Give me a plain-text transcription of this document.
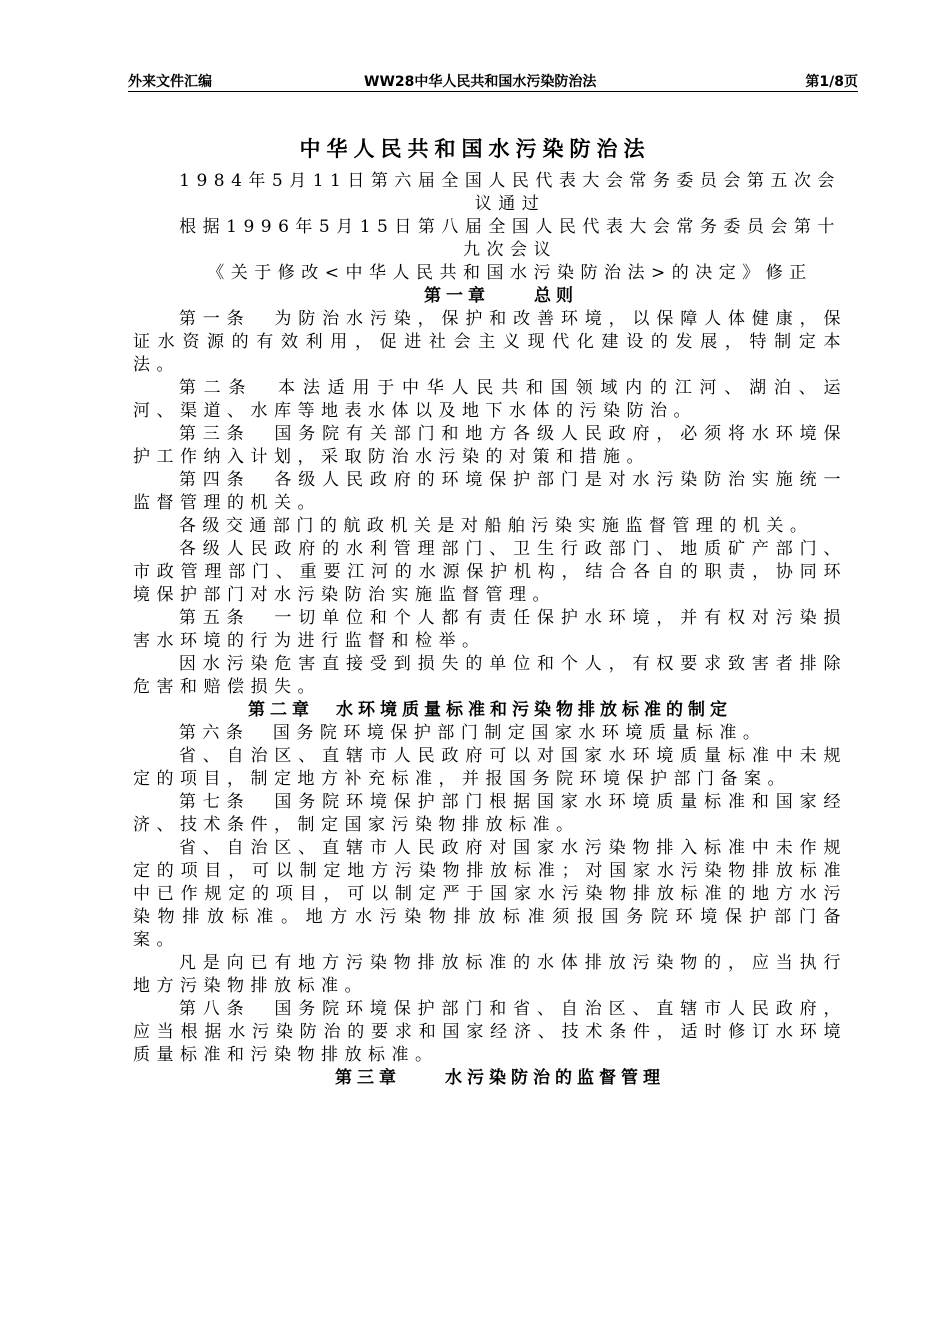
外来文件汇编	WW28中华人民共和国水污染防治法	第1/8页
中华人民共和国水污染防治法
1984年5月11日第六届全国人民代表大会常务委员会第五次会议通过
根据1996年5月15日第八届全国人民代表大会常务委员会第十九次会议
《关于修改<中华人民共和国水污染防治法>的决定》修正
第一章　　总则

第一条　为防治水污染，保护和改善环境，以保障人体健康，保证水资源的有效利用，促进社会主义现代化建设的发展，特制定本法。

第二条　本法适用于中华人民共和国领域内的江河、湖泊、运河、渠道、水库等地表水体以及地下水体的污染防治。

第三条　国务院有关部门和地方各级人民政府，必须将水环境保护工作纳入计划，采取防治水污染的对策和措施。

第四条　各级人民政府的环境保护部门是对水污染防治实施统一监督管理的机关。

各级交通部门的航政机关是对船舶污染实施监督管理的机关。

各级人民政府的水利管理部门、卫生行政部门、地质矿产部门、市政管理部门、重要江河的水源保护机构，结合各自的职责，协同环境保护部门对水污染防治实施监督管理。

第五条　一切单位和个人都有责任保护水环境，并有权对污染损害水环境的行为进行监督和检举。

因水污染危害直接受到损失的单位和个人，有权要求致害者排除危害和赔偿损失。

第二章　水环境质量标准和污染物排放标准的制定

第六条　国务院环境保护部门制定国家水环境质量标准。

省、自治区、直辖市人民政府可以对国家水环境质量标准中未规定的项目，制定地方补充标准，并报国务院环境保护部门备案。

第七条　国务院环境保护部门根据国家水环境质量标准和国家经济、技术条件，制定国家污染物排放标准。

省、自治区、直辖市人民政府对国家水污染物排入标准中未作规定的项目，可以制定地方污染物排放标准；对国家水污染物排放标准中已作规定的项目，可以制定严于国家水污染物排放标准的地方水污染物排放标准。地方水污染物排放标准须报国务院环境保护部门备案。

凡是向已有地方污染物排放标准的水体排放污染物的，应当执行地方污染物排放标准。

第八条　国务院环境保护部门和省、自治区、直辖市人民政府，应当根据水污染防治的要求和国家经济、技术条件，适时修订水环境质量标准和污染物排放标准。

第三章　　水污染防治的监督管理
